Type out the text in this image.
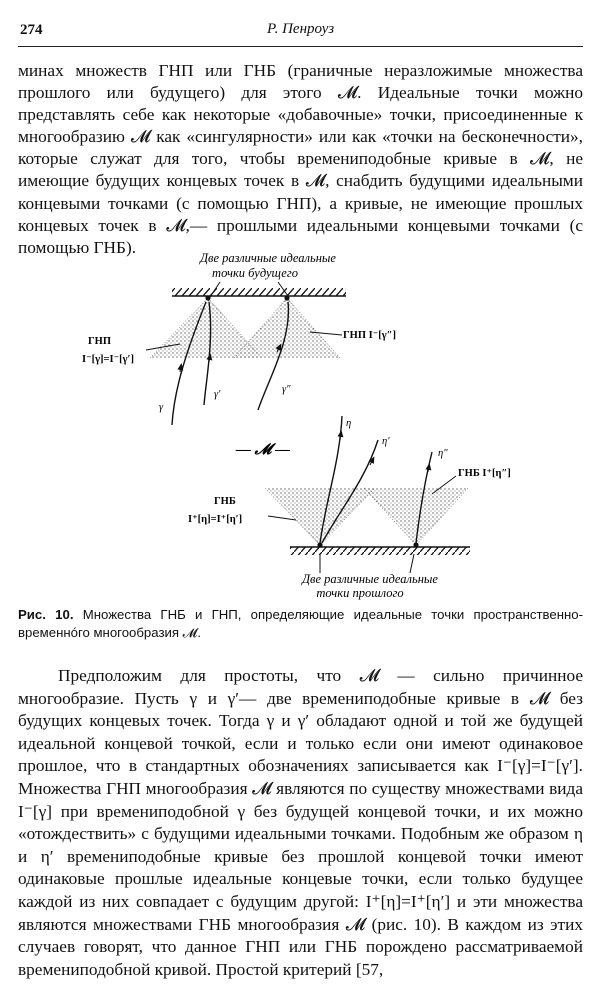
274	Р. Пенроуз

минах множеств ГНП или ГНБ (граничные неразложимые множества прошлого или будущего) для этого 𝓜. Идеальные точки можно представлять себе как некоторые «добавочные» точки, присоединенные к многообразию 𝓜 как «сингулярности» или как «точки на бесконечности», которые служат для того, чтобы времениподобные кривые в 𝓜, не имеющие будущих концевых точек в 𝓜, снабдить будущими идеальными концевыми точками (с помощью ГНП), а кривые, не имеющие прошлых концевых точек в 𝓜,— прошлыми идеальными концевыми точками (с помощью ГНБ).

Две различные идеальные
точки будущего
γ
γ′	γ″
ГНП
I⁻[γ]=I⁻[γ′]
ГНП I⁻[γ″]
— 𝓜 —
η
η′
η″
ГНБ I⁺[η″]
ГНБ
I⁺[η]=I⁺[η′]
Две различные идеальные
точки прошлого

Рис. 10. Множества ГНБ и ГНП, определяющие идеальные точки пространственно-временнóго многообразия 𝓜.

Предположим для простоты, что 𝓜 — сильно причинное многообразие. Пусть γ и γ′— две времениподобные кривые в 𝓜 без будущих концевых точек. Тогда γ и γ′ обладают одной и той же будущей идеальной концевой точкой, если и только если они имеют одинаковое прошлое, что в стандартных обозначениях записывается как I⁻[γ]=I⁻[γ′]. Множества ГНП многообразия 𝓜 являются по существу множествами вида I⁻[γ] при времениподобной γ без будущей концевой точки, и их можно «отождествить» с будущими идеальными точками. Подобным же образом η и η′ времениподобные кривые без прошлой концевой точки имеют одинаковые прошлые идеальные концевые точки, если только будущее каждой из них совпадает с будущим другой: I⁺[η]=I⁺[η′] и эти множества являются множествами ГНБ многообразия 𝓜 (рис. 10). В каждом из этих случаев говорят, что данное ГНП или ГНБ порождено рассматриваемой времениподобной кривой. Простой критерий [57,
